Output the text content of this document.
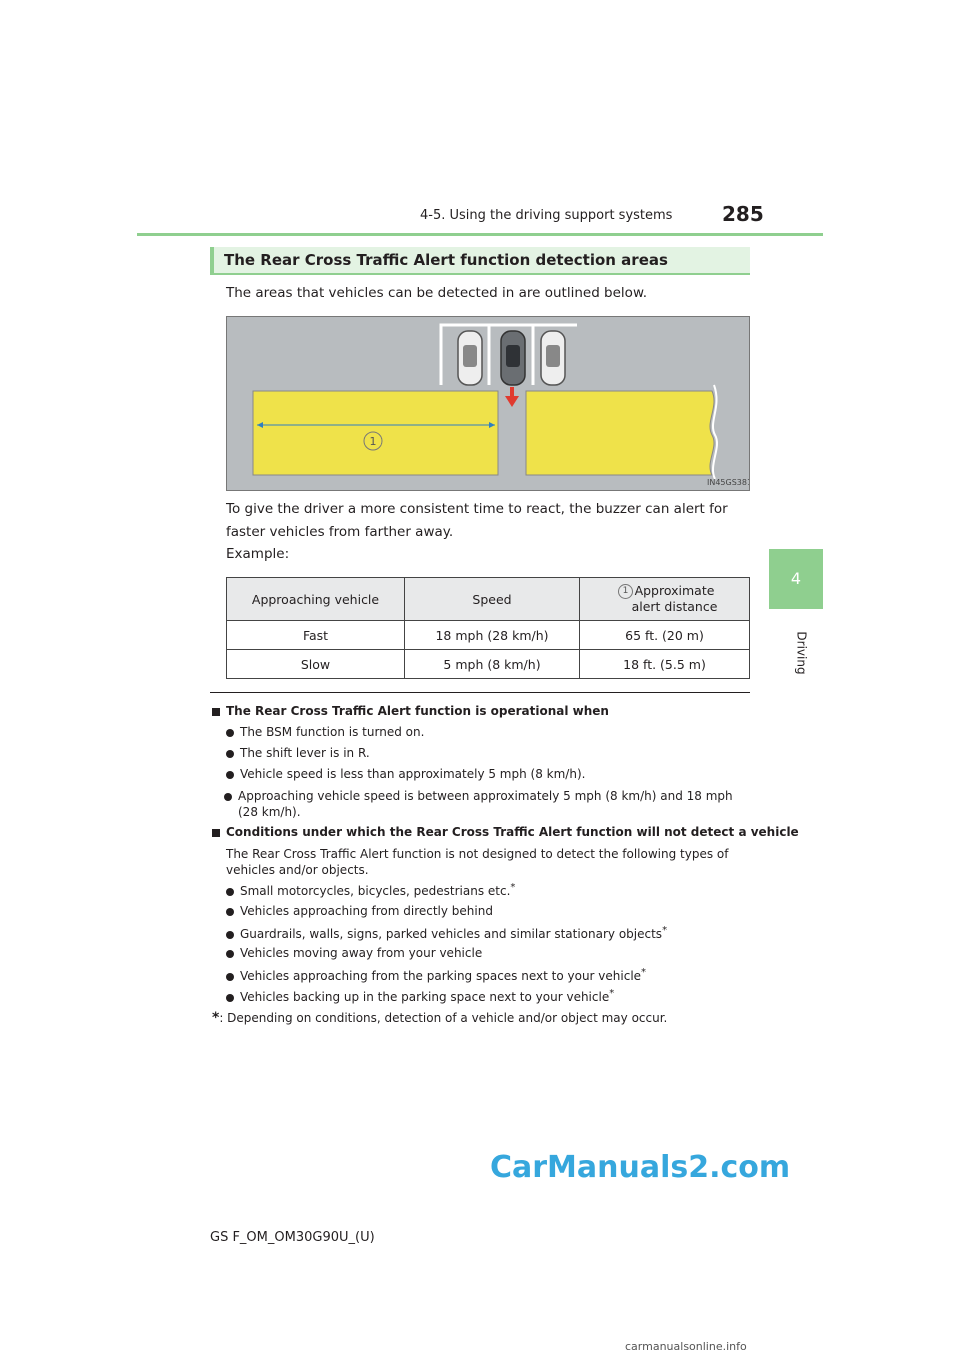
4-5. Using the driving support systems 285
4
Driving
The Rear Cross Traffic Alert function detection areas
The areas that vehicles can be detected in are outlined below.
1
IN45GS381
To give the driver a more consistent time to react, the buzzer can alert for faster vehicles from farther away.
Example:
Approaching vehicle	Speed	1 Approximate alert distance
Fast	18 mph (28 km/h)	65 ft. (20 m)
Slow	5 mph (8 km/h)	18 ft. (5.5 m)
The Rear Cross Traffic Alert function is operational when
The BSM function is turned on.
The shift lever is in R.
Vehicle speed is less than approximately 5 mph (8 km/h).
Approaching vehicle speed is between approximately 5 mph (8 km/h) and 18 mph (28 km/h).
Conditions under which the Rear Cross Traffic Alert function will not detect a vehicle
The Rear Cross Traffic Alert function is not designed to detect the following types of vehicles and/or objects.
Small motorcycles, bicycles, pedestrians etc.*
Vehicles approaching from directly behind
Guardrails, walls, signs, parked vehicles and similar stationary objects*
Vehicles moving away from your vehicle
Vehicles approaching from the parking spaces next to your vehicle*
Vehicles backing up in the parking space next to your vehicle*
*: Depending on conditions, detection of a vehicle and/or object may occur.
GS F_OM_OM30G90U_(U)
CarManuals2.com
carmanualsonline.info
